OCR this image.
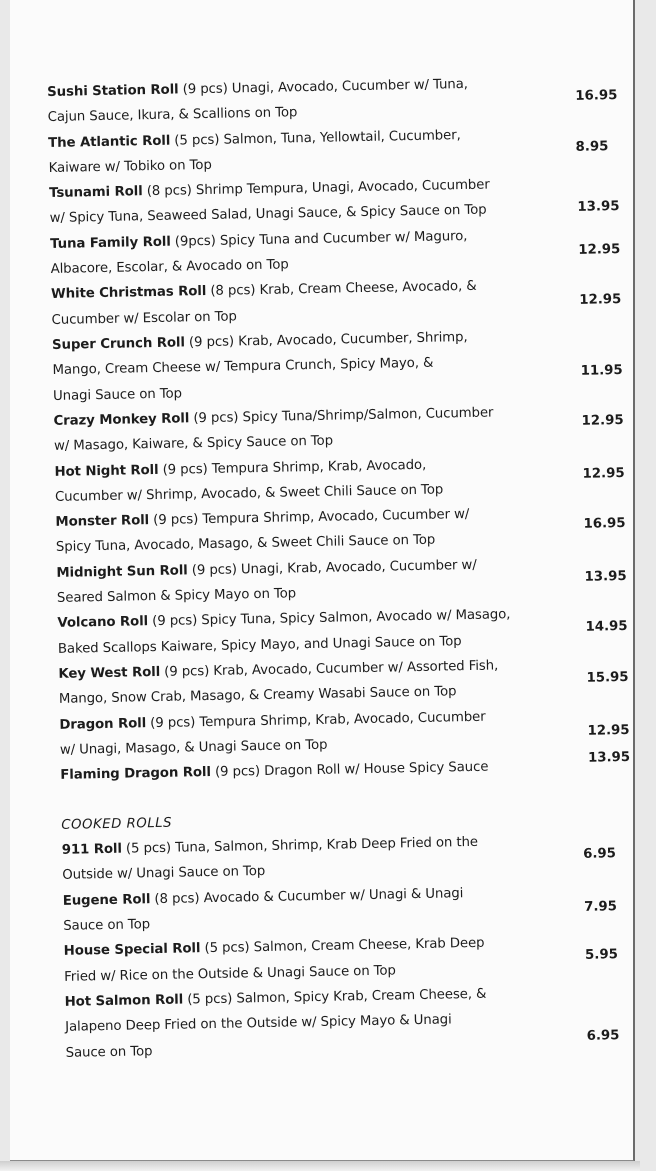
Sushi Station Roll (9 pcs) Unagi, Avocado, Cucumber w/ Tuna,
Cajun Sauce, Ikura, & Scallions on Top
16.95
The Atlantic Roll (5 pcs) Salmon, Tuna, Yellowtail, Cucumber,
Kaiware w/ Tobiko on Top
8.95
Tsunami Roll (8 pcs) Shrimp Tempura, Unagi, Avocado, Cucumber
w/ Spicy Tuna, Seaweed Salad, Unagi Sauce, & Spicy Sauce on Top	13.95
Tuna Family Roll (9pcs) Spicy Tuna and Cucumber w/ Maguro,
Albacore, Escolar, & Avocado on Top
12.95
White Christmas Roll (8 pcs) Krab, Cream Cheese, Avocado, &
Cucumber w/ Escolar on Top
12.95
Super Crunch Roll (9 pcs) Krab, Avocado, Cucumber, Shrimp,
Mango, Cream Cheese w/ Tempura Crunch, Spicy Mayo, &
Unagi Sauce on Top
11.95
Crazy Monkey Roll (9 pcs) Spicy Tuna/Shrimp/Salmon, Cucumber
w/ Masago, Kaiware, & Spicy Sauce on Top
12.95
Hot Night Roll (9 pcs) Tempura Shrimp, Krab, Avocado,
Cucumber w/ Shrimp, Avocado, & Sweet Chili Sauce on Top
12.95
Monster Roll (9 pcs) Tempura Shrimp, Avocado, Cucumber w/
Spicy Tuna, Avocado, Masago, & Sweet Chili Sauce on Top
16.95
Midnight Sun Roll (9 pcs) Unagi, Krab, Avocado, Cucumber w/
Seared Salmon & Spicy Mayo on Top
13.95
Volcano Roll (9 pcs) Spicy Tuna, Spicy Salmon, Avocado w/ Masago,
Baked Scallops Kaiware, Spicy Mayo, and Unagi Sauce on Top
14.95
Key West Roll (9 pcs) Krab, Avocado, Cucumber w/ Assorted Fish,
Mango, Snow Crab, Masago, & Creamy Wasabi Sauce on Top
15.95
Dragon Roll (9 pcs) Tempura Shrimp, Krab, Avocado, Cucumber
w/ Unagi, Masago, & Unagi Sauce on Top
12.95
Flaming Dragon Roll (9 pcs) Dragon Roll w/ House Spicy Sauce
13.95
COOKED ROLLS
911 Roll (5 pcs) Tuna, Salmon, Shrimp, Krab Deep Fried on the
Outside w/ Unagi Sauce on Top
6.95
Eugene Roll (8 pcs) Avocado & Cucumber w/ Unagi & Unagi
Sauce on Top
7.95
House Special Roll (5 pcs) Salmon, Cream Cheese, Krab Deep
Fried w/ Rice on the Outside & Unagi Sauce on Top
5.95
Hot Salmon Roll (5 pcs) Salmon, Spicy Krab, Cream Cheese, &
Jalapeno Deep Fried on the Outside w/ Spicy Mayo & Unagi
Sauce on Top
6.95
